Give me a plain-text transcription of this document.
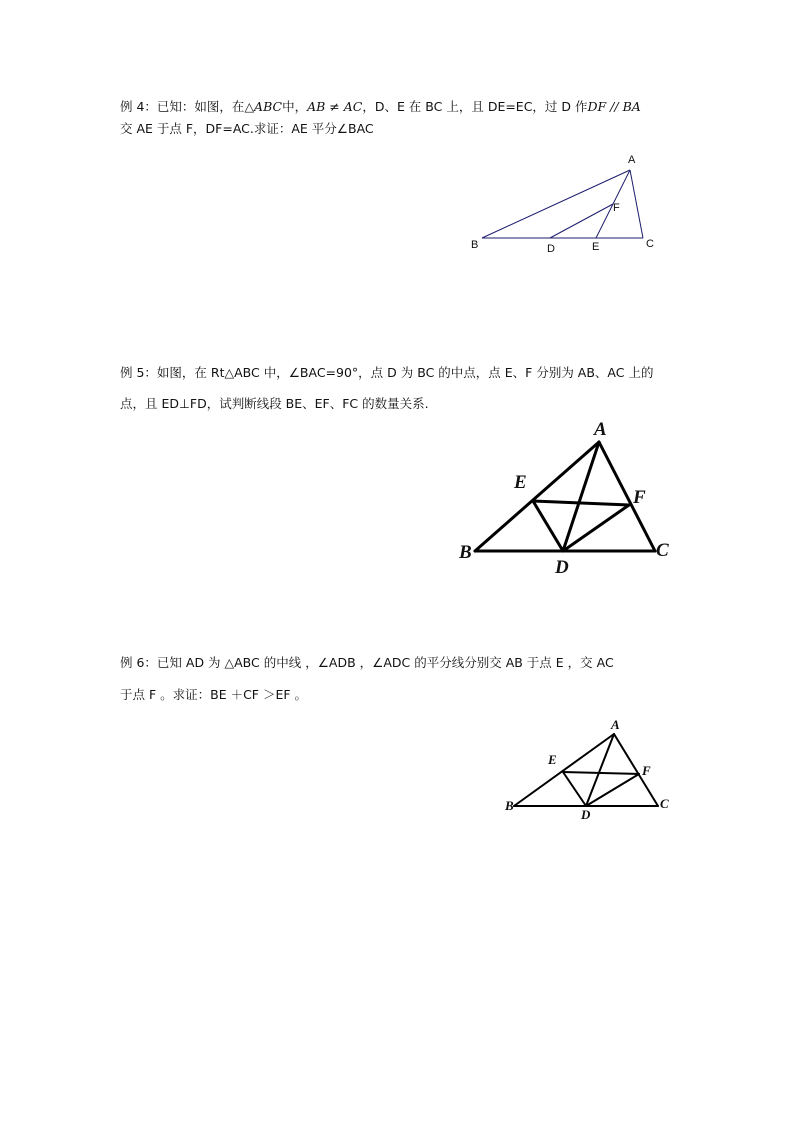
例 4：已知：如图，在△ABC中，AB ≠ AC，D、E 在 BC 上，且 DE=EC，过 D 作DF // BA
交 AE 于点 F，DF=AC.求证：AE 平分∠BAC
A
B	C
D	E
F
例 5：如图，在 Rt△ABC 中，∠BAC=90°，点 D 为 BC 的中点，点 E、F 分别为 AB、AC 上的
点，且 ED⊥FD，试判断线段 BE、EF、FC 的数量关系.
A
B	C
D
E
F
例 6：已知 AD 为 △ABC 的中线 ，∠ADB ，∠ADC 的平分线分别交 AB 于点 E ，交 AC
于点 F 。求证：BE ＋CF ＞EF 。
A
B	C
D
E
F
